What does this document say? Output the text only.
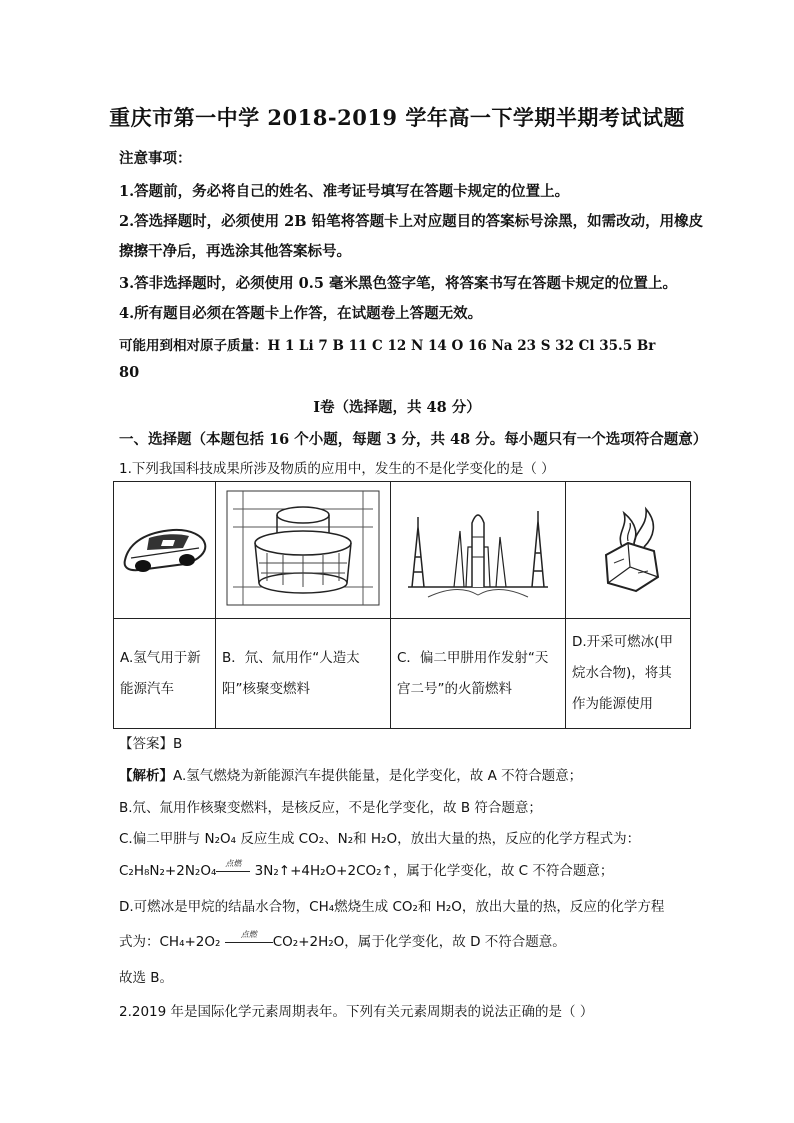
重庆市第一中学 2018-2019 学年高一下学期半期考试试题
注意事项：
1.答题前，务必将自己的姓名、准考证号填写在答题卡规定的位置上。
2.答选择题时，必须使用 2B 铅笔将答题卡上对应题目的答案标号涂黑，如需改动，用橡皮
擦擦干净后，再选涂其他答案标号。
3.答非选择题时，必须使用 0.5 毫米黑色签字笔，将答案书写在答题卡规定的位置上。
4.所有题目必须在答题卡上作答，在试题卷上答题无效。
可能用到相对原子质量：H 1 Li 7 B 11 C 12 N 14 O 16 Na 23 S 32 Cl 35.5 Br
80
Ⅰ卷（选择题，共 48 分）
一、选择题（本题包括 16 个小题，每题 3 分，共 48 分。每小题只有一个选项符合题意）
1.下列我国科技成果所涉及物质的应用中，发生的不是化学变化的是（ ）

A.氢气用于新能源汽车	B．氘、氚用作“人造太阳”核聚变燃料	C．偏二甲肼用作发射“天宫二号”的火箭燃料	D.开采可燃冰(甲烷水合物)，将其作为能源使用
【答案】B
【解析】A.氢气燃烧为新能源汽车提供能量，是化学变化，故 A 不符合题意；
B.氘、氚用作核聚变燃料，是核反应，不是化学变化，故 B 符合题意；
C.偏二甲肼与 N₂O₄ 反应生成 CO₂、N₂和 H₂O，放出大量的热，反应的化学方程式为：
C₂H₈N₂+2N₂O₄	点燃 3N₂↑+4H₂O+2CO₂↑，属于化学变化，故 C 不符合题意；
D.可燃冰是甲烷的结晶水合物，CH₄燃烧生成 CO₂和 H₂O，放出大量的热，反应的化学方程
式为：CH₄+2O₂	点燃	CO₂+2H₂O，属于化学变化，故 D 不符合题意。
故选 B。
2.2019 年是国际化学元素周期表年。下列有关元素周期表的说法正确的是（ ）
